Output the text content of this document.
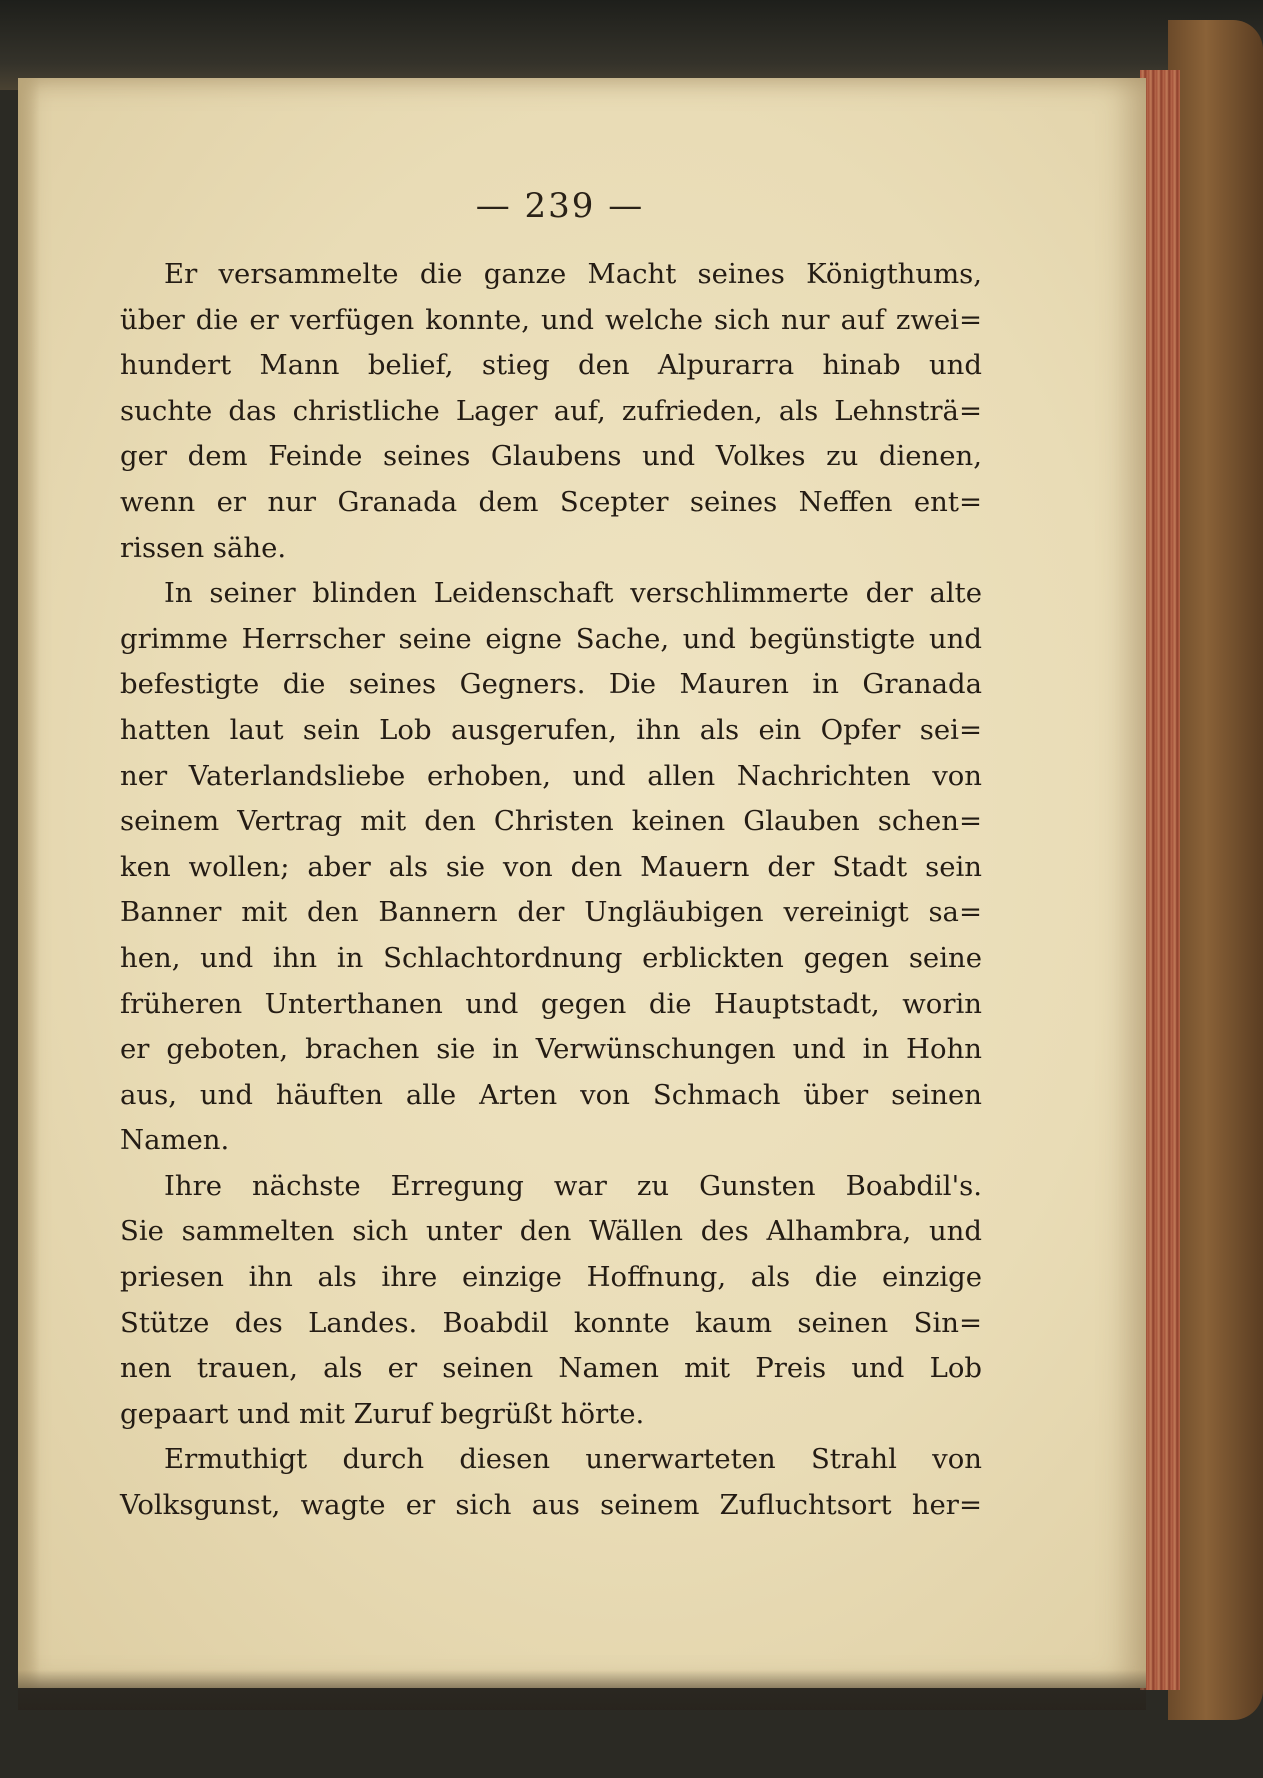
— 239 —
Er versammelte die ganze Macht seines Königthums,
über die er verfügen konnte, und welche sich nur auf zwei=
hundert Mann belief, stieg den Alpurarra hinab und
suchte das christliche Lager auf, zufrieden, als Lehnsträ=
ger dem Feinde seines Glaubens und Volkes zu dienen,
wenn er nur Granada dem Scepter seines Neffen ent=
rissen sähe.
In seiner blinden Leidenschaft verschlimmerte der alte
grimme Herrscher seine eigne Sache, und begünstigte und
befestigte die seines Gegners. Die Mauren in Granada
hatten laut sein Lob ausgerufen, ihn als ein Opfer sei=
ner Vaterlandsliebe erhoben, und allen Nachrichten von
seinem Vertrag mit den Christen keinen Glauben schen=
ken wollen; aber als sie von den Mauern der Stadt sein
Banner mit den Bannern der Ungläubigen vereinigt sa=
hen, und ihn in Schlachtordnung erblickten gegen seine
früheren Unterthanen und gegen die Hauptstadt, worin
er geboten, brachen sie in Verwünschungen und in Hohn
aus, und häuften alle Arten von Schmach über seinen
Namen.
Ihre nächste Erregung war zu Gunsten Boabdil's.
Sie sammelten sich unter den Wällen des Alhambra, und
priesen ihn als ihre einzige Hoffnung, als die einzige
Stütze des Landes. Boabdil konnte kaum seinen Sin=
nen trauen, als er seinen Namen mit Preis und Lob
gepaart und mit Zuruf begrüßt hörte.
Ermuthigt durch diesen unerwarteten Strahl von
Volksgunst, wagte er sich aus seinem Zufluchtsort her=
